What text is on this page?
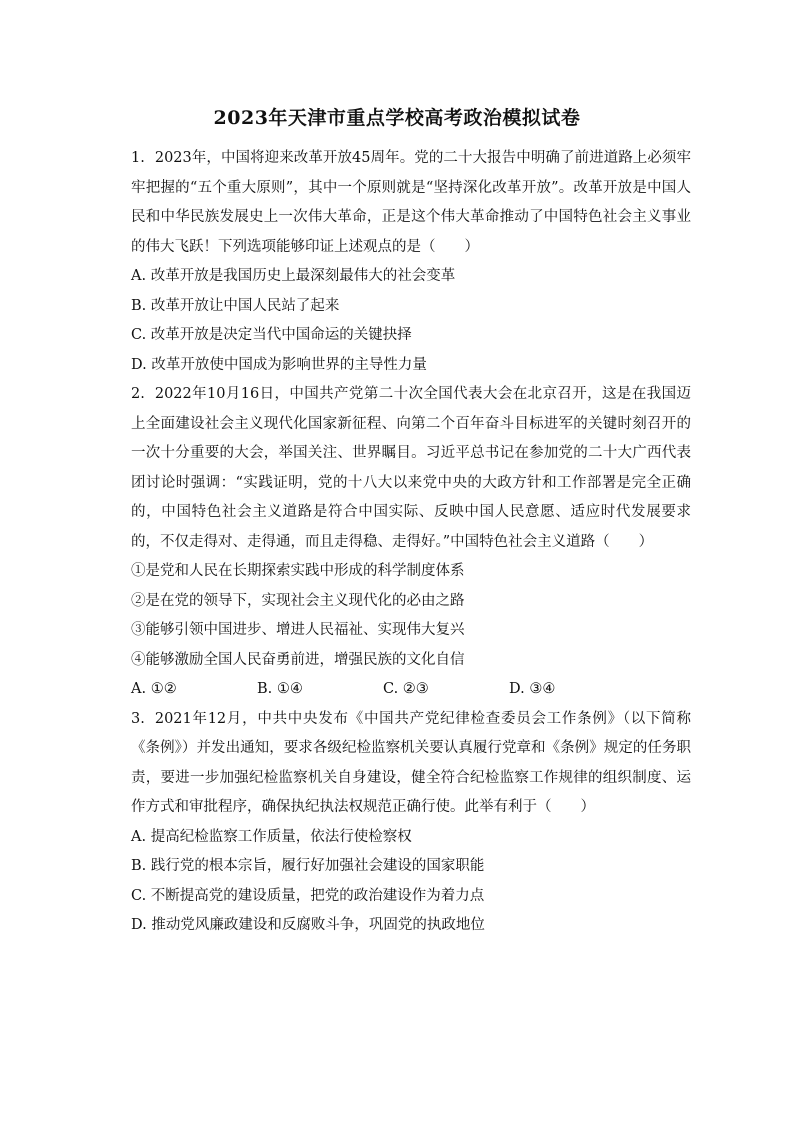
2023年天津市重点学校高考政治模拟试卷

1. 2023年，中国将迎来改革开放45周年。党的二十大报告中明确了前进道路上必须牢牢把握的“五个重大原则”，其中一个原则就是“坚持深化改革开放”。改革开放是中国人民和中华民族发展史上一次伟大革命，正是这个伟大革命推动了中国特色社会主义事业的伟大飞跃！下列选项能够印证上述观点的是（　　）

A. 改革开放是我国历史上最深刻最伟大的社会变革
B. 改革开放让中国人民站了起来
C. 改革开放是决定当代中国命运的关键抉择
D. 改革开放使中国成为影响世界的主导性力量

2. 2022年10月16日，中国共产党第二十次全国代表大会在北京召开，这是在我国迈上全面建设社会主义现代化国家新征程、向第二个百年奋斗目标进军的关键时刻召开的一次十分重要的大会，举国关注、世界瞩目。习近平总书记在参加党的二十大广西代表团讨论时强调：“实践证明，党的十八大以来党中央的大政方针和工作部署是完全正确的，中国特色社会主义道路是符合中国实际、反映中国人民意愿、适应时代发展要求的，不仅走得对、走得通，而且走得稳、走得好。”中国特色社会主义道路（　　）

①是党和人民在长期探索实践中形成的科学制度体系
②是在党的领导下，实现社会主义现代化的必由之路
③能够引领中国进步、增进人民福祉、实现伟大复兴
④能够激励全国人民奋勇前进，增强民族的文化自信
A. ①②	B. ①④	C. ②③	D. ③④

3. 2021年12月，中共中央发布《中国共产党纪律检查委员会工作条例》（以下简称《条例》）并发出通知，要求各级纪检监察机关要认真履行党章和《条例》规定的任务职责，要进一步加强纪检监察机关自身建设，健全符合纪检监察工作规律的组织制度、运作方式和审批程序，确保执纪执法权规范正确行使。此举有利于（　　）

A. 提高纪检监察工作质量，依法行使检察权
B. 践行党的根本宗旨，履行好加强社会建设的国家职能
C. 不断提高党的建设质量，把党的政治建设作为着力点
D. 推动党风廉政建设和反腐败斗争，巩固党的执政地位
